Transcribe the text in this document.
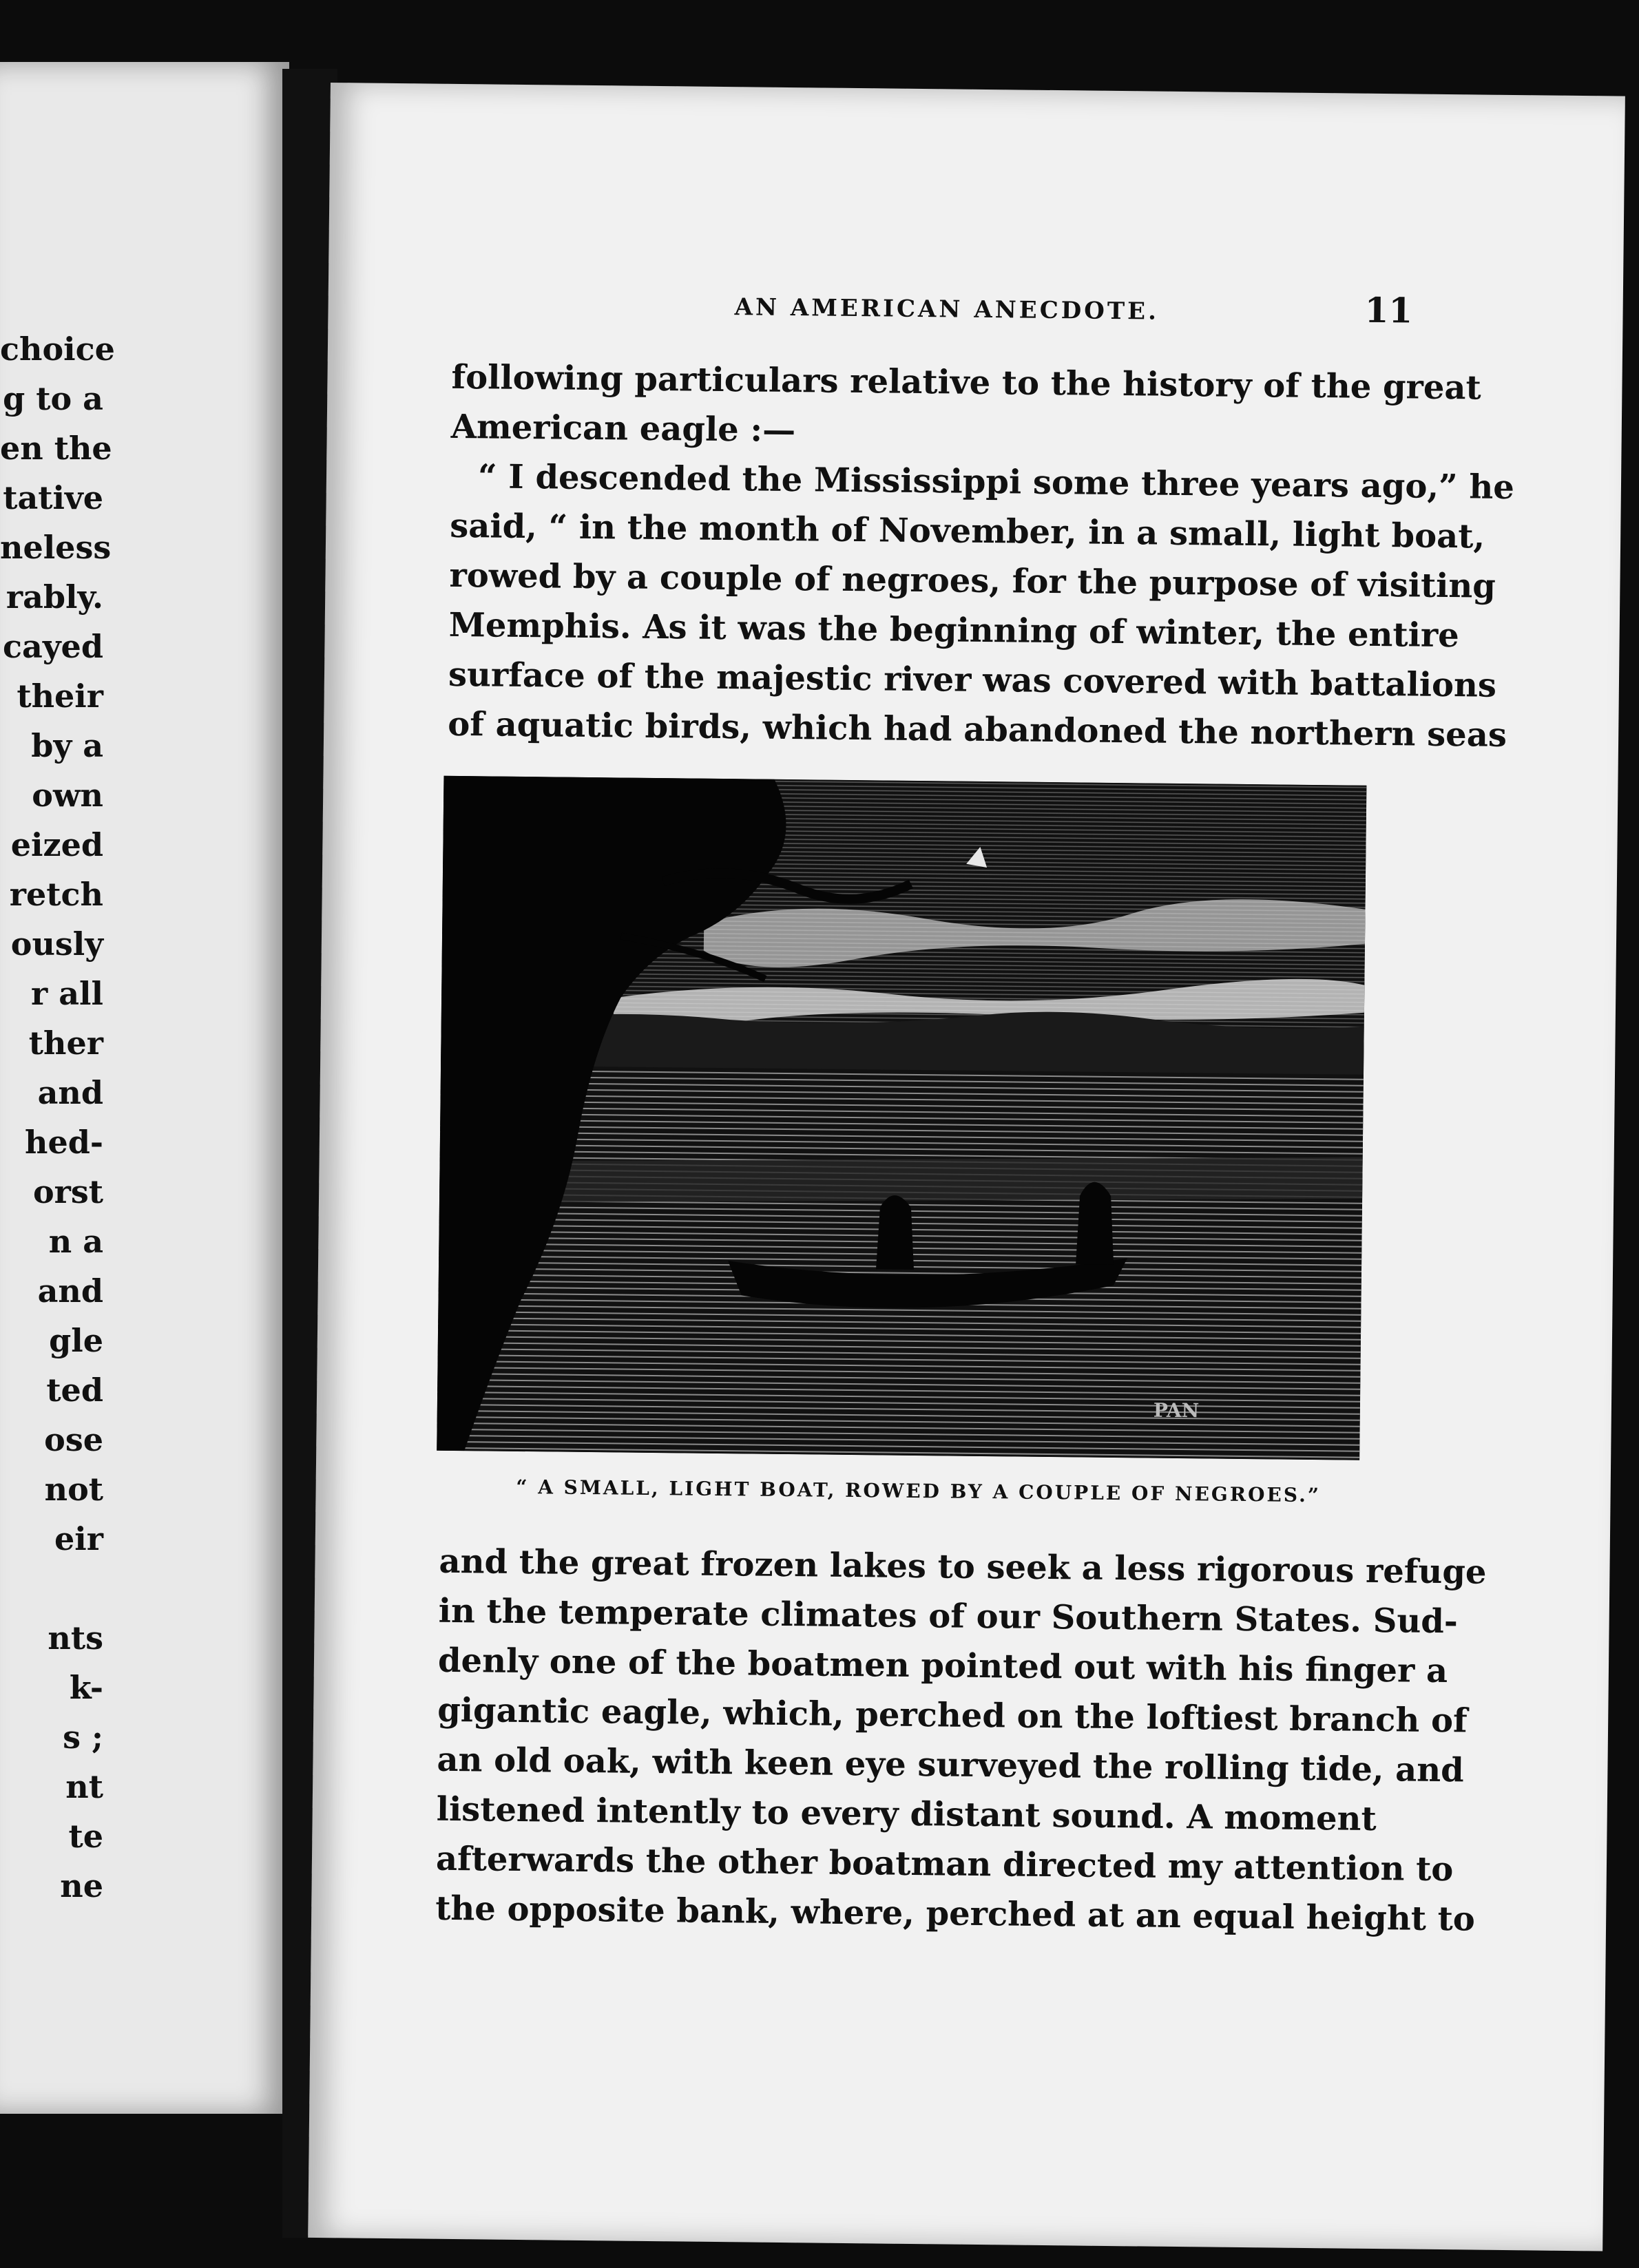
choice
g to a
en the
tative
neless
rably.
cayed
their
by a
own
eized
retch
ously
r all
ther
and
hed-
orst
n a
and
gle
ted
ose
not
eir
nts
k-
s ;
nt
te
ne
AN AMERICAN ANECDOTE.	11
following particulars relative to the history of the great
American eagle :—
“ I descended the Mississippi some three years ago,” he
said, “ in the month of November, in a small, light boat,
rowed by a couple of negroes, for the purpose of visiting
Memphis. As it was the beginning of winter, the entire
surface of the majestic river was covered with battalions
of aquatic birds, which had abandoned the northern seas
PAN
“ A SMALL, LIGHT BOAT, ROWED BY A COUPLE OF NEGROES.”
and the great frozen lakes to seek a less rigorous refuge
in the temperate climates of our Southern States. Sud-
denly one of the boatmen pointed out with his finger a
gigantic eagle, which, perched on the loftiest branch of
an old oak, with keen eye surveyed the rolling tide, and
listened intently to every distant sound. A moment
afterwards the other boatman directed my attention to
the opposite bank, where, perched at an equal height to
